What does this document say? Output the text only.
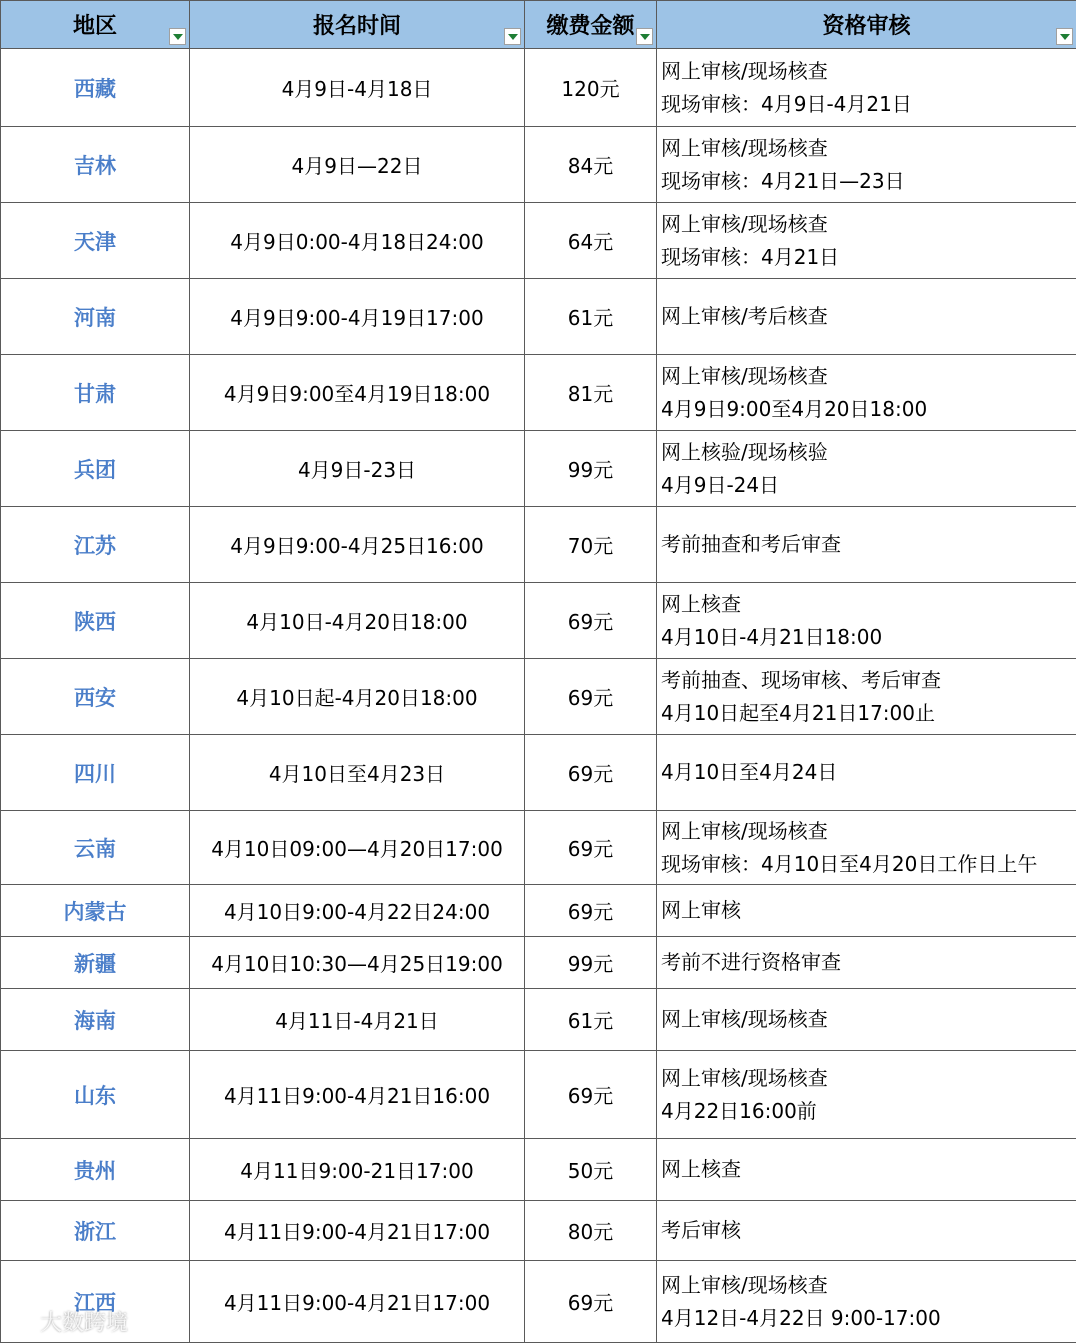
地区	报名时间	缴费金额	资格审核

西藏	4月9日-4月18日	120元	网上审核/现场核查
现场审核：4月9日-4月21日

吉林	4月9日—22日	84元	网上审核/现场核查
现场审核：4月21日—23日

天津	4月9日0:00-4月18日24:00	64元	网上审核/现场核查
现场审核：4月21日

河南	4月9日9:00-4月19日17:00	61元	网上审核/考后核查

甘肃	4月9日9:00至4月19日18:00	81元	网上审核/现场核查
4月9日9:00至4月20日18:00

兵团	4月9日-23日	99元	网上核验/现场核验
4月9日-24日

江苏	4月9日9:00-4月25日16:00	70元	考前抽查和考后审查

陕西	4月10日-4月20日18:00	69元	网上核查
4月10日-4月21日18:00

西安	4月10日起-4月20日18:00	69元	考前抽查、现场审核、考后审查
4月10日起至4月21日17:00止

四川	4月10日至4月23日	69元	4月10日至4月24日

云南	4月10日09:00—4月20日17:00	69元	网上审核/现场核查
现场审核：4月10日至4月20日工作日上午

内蒙古	4月10日9:00-4月22日24:00	69元	网上审核

新疆	4月10日10:30—4月25日19:00	99元	考前不进行资格审查

海南	4月11日-4月21日	61元	网上审核/现场核查

山东	4月11日9:00-4月21日16:00	69元	网上审核/现场核查
4月22日16:00前

贵州	4月11日9:00-21日17:00	50元	网上核查

浙江	4月11日9:00-4月21日17:00	80元	考后审核

江西	4月11日9:00-4月21日17:00	69元	网上审核/现场核查
4月12日-4月22日 9:00-17:00
大数跨境
